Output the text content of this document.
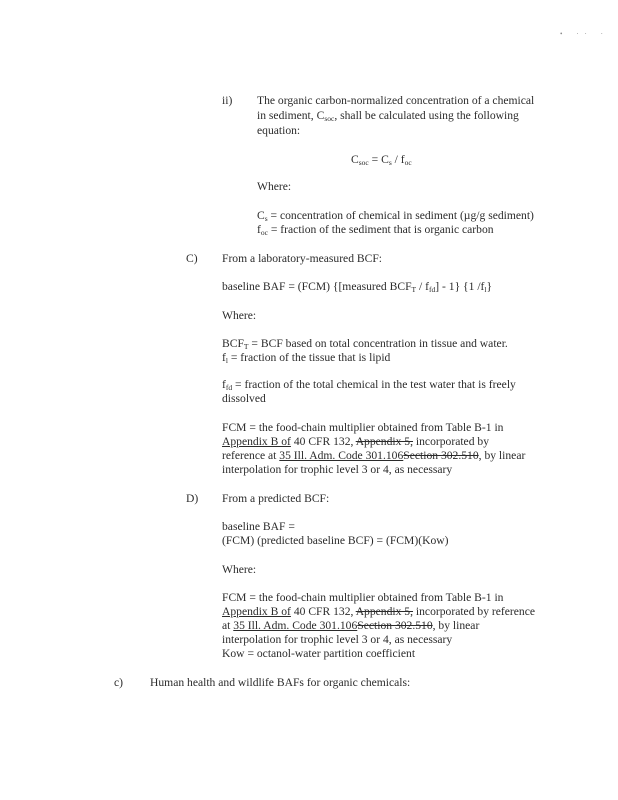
• ·· ·

ii) The organic carbon-normalized concentration of a chemical

in sediment, $C_{soc}$, shall be calculated using the following

equation:

$C_{soc} = C_s / f_{oc}$

Where:

$C_s$ = concentration of chemical in sediment (µg/g sediment)

$f_{oc}$ = fraction of the sediment that is organic carbon

C) From a laboratory-measured BCF:

baseline BAF = (FCM) {[measured $BCF_T / f_{fd}] - 1$} {1 $/f_l$}

Where:

$BCF_T$ = BCF based on total concentration in tissue and water.

$f_l$ = fraction of the tissue that is lipid

$f_{fd}$ = fraction of the total chemical in the test water that is freely

dissolved

FCM = the food-chain multiplier obtained from Table B-1 in

Appendix B of 40 CFR 132, Appendix 5, incorporated by

reference at 35 Ill. Adm. Code 301.106Section 302.510, by linear

interpolation for trophic level 3 or 4, as necessary

D) From a predicted BCF:

baseline BAF =

(FCM) (predicted baseline BCF) = (FCM)(Kow)

Where:

FCM = the food-chain multiplier obtained from Table B-1 in

Appendix B of 40 CFR 132, Appendix 5, incorporated by reference

at 35 Ill. Adm. Code 301.106Section 302.510, by linear

interpolation for trophic level 3 or 4, as necessary

Kow = octanol-water partition coefficient

c) Human health and wildlife BAFs for organic chemicals:
